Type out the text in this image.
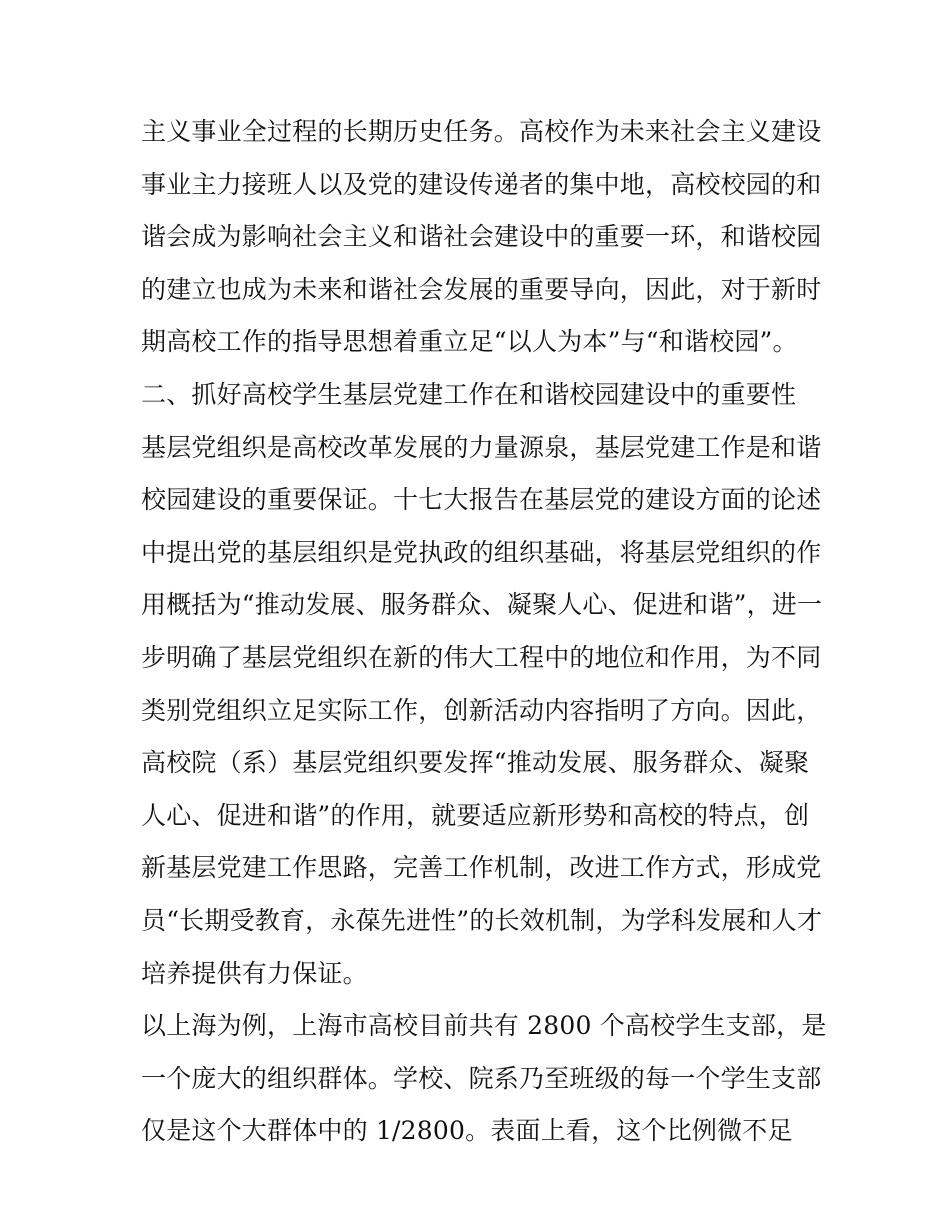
主义事业全过程的长期历史任务。高校作为未来社会主义建设
事业主力接班人以及党的建设传递者的集中地，高校校园的和
谐会成为影响社会主义和谐社会建设中的重要一环，和谐校园
的建立也成为未来和谐社会发展的重要导向，因此，对于新时
期高校工作的指导思想着重立足“以人为本”与“和谐校园”。
二、抓好高校学生基层党建工作在和谐校园建设中的重要性
基层党组织是高校改革发展的力量源泉，基层党建工作是和谐
校园建设的重要保证。十七大报告在基层党的建设方面的论述
中提出党的基层组织是党执政的组织基础，将基层党组织的作
用概括为“推动发展、服务群众、凝聚人心、促进和谐”，进一
步明确了基层党组织在新的伟大工程中的地位和作用，为不同
类别党组织立足实际工作，创新活动内容指明了方向。因此，
高校院（系）基层党组织要发挥“推动发展、服务群众、凝聚
人心、促进和谐”的作用，就要适应新形势和高校的特点，创
新基层党建工作思路，完善工作机制，改进工作方式，形成党
员“长期受教育，永葆先进性”的长效机制，为学科发展和人才
培养提供有力保证。
以上海为例，上海市高校目前共有 2800 个高校学生支部，是
一个庞大的组织群体。学校、院系乃至班级的每一个学生支部
仅是这个大群体中的 1/2800。表面上看，这个比例微不足
